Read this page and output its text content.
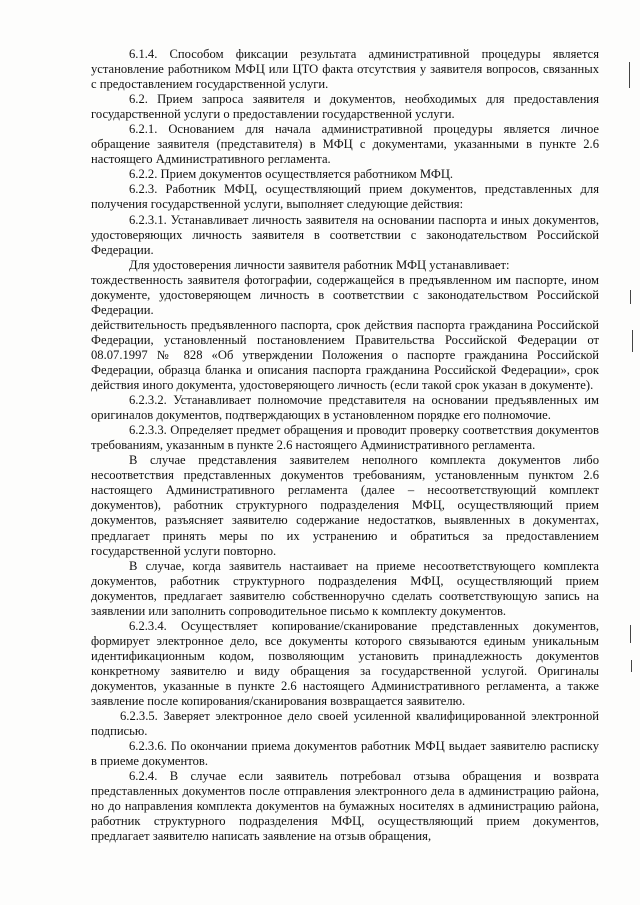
6.1.4. Способом фиксации результата административной процедуры является установление работником МФЦ или ЦТО факта отсутствия у заявителя вопросов, связанных с предоставлением государственной услуги.

6.2. Прием запроса заявителя и документов, необходимых для предоставления государственной услуги о предоставлении государственной услуги.

6.2.1. Основанием для начала административной процедуры является личное обращение заявителя (представителя) в МФЦ с документами, указанными в пункте 2.6 настоящего Административного регламента.

6.2.2. Прием документов осуществляется работником МФЦ.

6.2.3. Работник МФЦ, осуществляющий прием документов, представленных для получения государственной услуги, выполняет следующие действия:

6.2.3.1. Устанавливает личность заявителя на основании паспорта и иных документов, удостоверяющих личность заявителя в соответствии с законодательством Российской Федерации.

Для удостоверения личности заявителя работник МФЦ устанавливает:

тождественность заявителя фотографии, содержащейся в предъявленном им паспорте, ином документе, удостоверяющем личность в соответствии с законодательством Российской Федерации.

действительность предъявленного паспорта, срок действия паспорта гражданина Российской Федерации, установленный постановлением Правительства Российской Федерации от 08.07.1997 № 828 «Об утверждении Положения о паспорте гражданина Российской Федерации, образца бланка и описания паспорта гражданина Российской Федерации», срок действия иного документа, удостоверяющего личность (если такой срок указан в документе).

6.2.3.2. Устанавливает полномочие представителя на основании предъявленных им оригиналов документов, подтверждающих в установленном порядке его полномочие.

6.2.3.3. Определяет предмет обращения и проводит проверку соответствия документов требованиям, указанным в пункте 2.6 настоящего Административного регламента.

В случае представления заявителем неполного комплекта документов либо несоответствия представленных документов требованиям, установленным пунктом 2.6 настоящего Административного регламента (далее – несоответствующий комплект документов), работник структурного подразделения МФЦ, осуществляющий прием документов, разъясняет заявителю содержание недостатков, выявленных в документах, предлагает принять меры по их устранению и обратиться за предоставлением государственной услуги повторно.

В случае, когда заявитель настаивает на приеме несоответствующего комплекта документов, работник структурного подразделения МФЦ, осуществляющий прием документов, предлагает заявителю собственноручно сделать соответствующую запись на заявлении или заполнить сопроводительное письмо к комплекту документов.

6.2.3.4. Осуществляет копирование/сканирование представленных документов, формирует электронное дело, все документы которого связываются единым уникальным идентификационным кодом, позволяющим установить принадлежность документов конкретному заявителю и виду обращения за государственной услугой. Оригиналы документов, указанные в пункте 2.6 настоящего Административного регламента, а также заявление после копирования/сканирования возвращается заявителю.

6.2.3.5. Заверяет электронное дело своей усиленной квалифицированной электронной подписью.

6.2.3.6. По окончании приема документов работник МФЦ выдает заявителю расписку в приеме документов.

6.2.4. В случае если заявитель потребовал отзыва обращения и возврата представленных документов после отправления электронного дела в администрацию района, но до направления комплекта документов на бумажных носителях в администрацию района, работник структурного подразделения МФЦ, осуществляющий прием документов, предлагает заявителю написать заявление на отзыв обращения,
